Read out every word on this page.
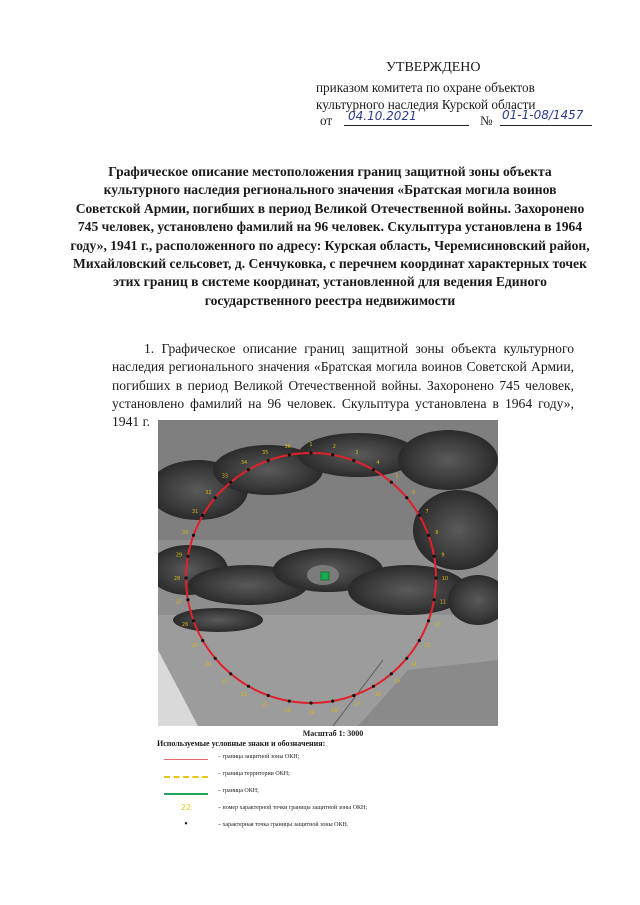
УТВЕРЖДЕНО
приказом комитета по охране объектов
культурного наследия Курской области
от 04.10.2021	№ 01-1-08/1457
Графическое описание местоположения границ защитной зоны объекта культурного наследия регионального значения «Братская могила воинов Советской Армии, погибших в период Великой Отечественной войны. Захоронено 745 человек, установлено фамилий на 96 человек. Скульптура установлена в 1964 году», 1941 г., расположенного по адресу: Курская область, Черемисиновский район, Михайловский сельсовет, д. Сенчуковка, с перечнем координат характерных точек этих границ в системе координат, установленной для ведения Единого государственного реестра недвижимости
1. Графическое описание границ защитной зоны объекта культурного наследия регионального значения «Братская могила воинов Советской Армии, погибших в период Великой Отечественной войны. Захоронено 745 человек, установлено фамилий на 96 человек. Скульптура установлена в 1964 году», 1941 г.
1	2
3
4
5
6
7
8
9
10
11
12
13
14
15
16
17
18
19
20
21
22
23
24
25
26
27
28
29
30
31
32
33
34
35
36
Масштаб 1: 3000
Используемые условные знаки и обозначения:
– граница защитной зоны ОКН;
– граница территории ОКН;
– граница ОКН;
22	– номер характерной точки границы защитной зоны ОКН;
•	– характерная точка границы защитной зоны ОКН.
